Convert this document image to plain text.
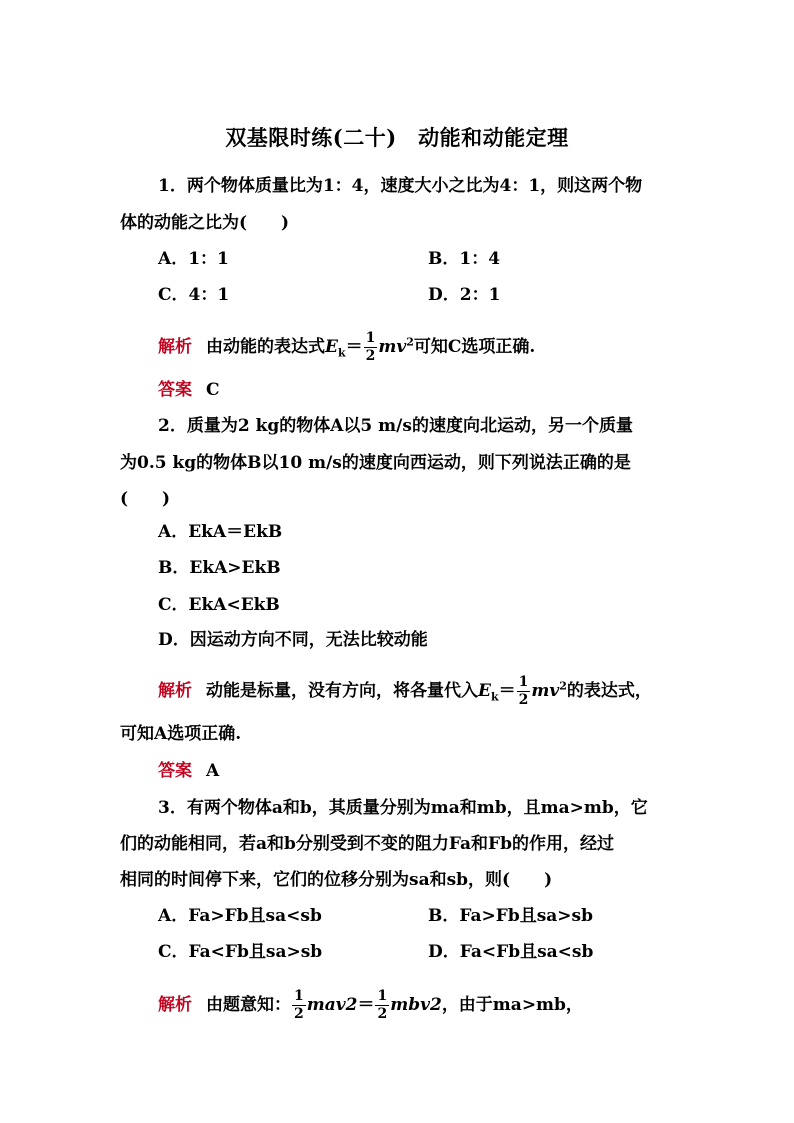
双基限时练(二十)　动能和动能定理
1．两个物体质量比为1：4，速度大小之比为4：1，则这两个物
体的动能之比为(　　)
A．1：1	B．1：4
C．4：1	D．2：1
解析 由动能的表达式$E_k= \frac{1}{2} mv^2$可知C选项正确.
答案 C
2．质量为2 kg的物体A以5 m/s的速度向北运动，另一个质量
为0.5 kg的物体B以10 m/s的速度向西运动，则下列说法正确的是
(　　)
A．EkA＝EkB
B．EkA>EkB
C．EkA<EkB
D．因运动方向不同，无法比较动能
解析 动能是标量，没有方向，将各量代入$E_k= \frac{1}{2} mv^2$的表达式，
可知A选项正确.
答案 A
3．有两个物体a和b，其质量分别为ma和mb，且ma>mb，它
们的动能相同，若a和b分别受到不变的阻力Fa和Fb的作用，经过
相同的时间停下来，它们的位移分别为sa和sb，则(　　)
A．Fa>Fb且sa<sb	B．Fa>Fb且sa>sb
C．Fa<Fb且sa>sb	D．Fa<Fb且sa<sb
解析 由题意知： $\frac{1}{2} mav2= \frac{1}{2} mbv2$，由于ma>mb，
